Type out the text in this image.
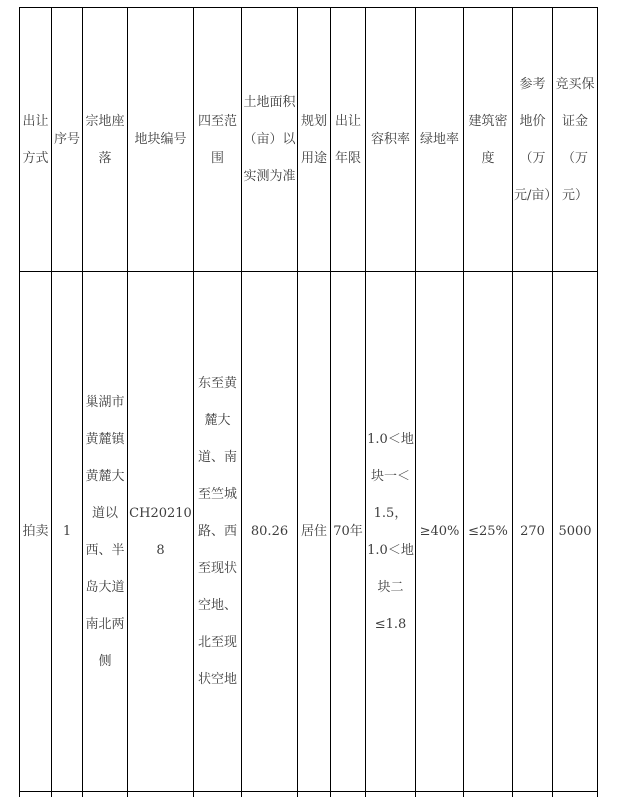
出让方式	序号	宗地座落	地块编号	四至范围	土地面积（亩）以实测为准	规划用途	出让年限	容积率	绿地率	建筑密度	参考地价（万元/亩）	竞买保证金（万元）
拍卖	1	巢湖市黄麓镇黄麓大道以西、半岛大道南北两侧	CH202108	东至黄麓大道、南至竺城路、西至现状空地、北至现状空地	80.26	居住	70年	1.0＜地块一＜1.5，1.0＜地块二≤1.8	≥40%	≤25%	270	5000
